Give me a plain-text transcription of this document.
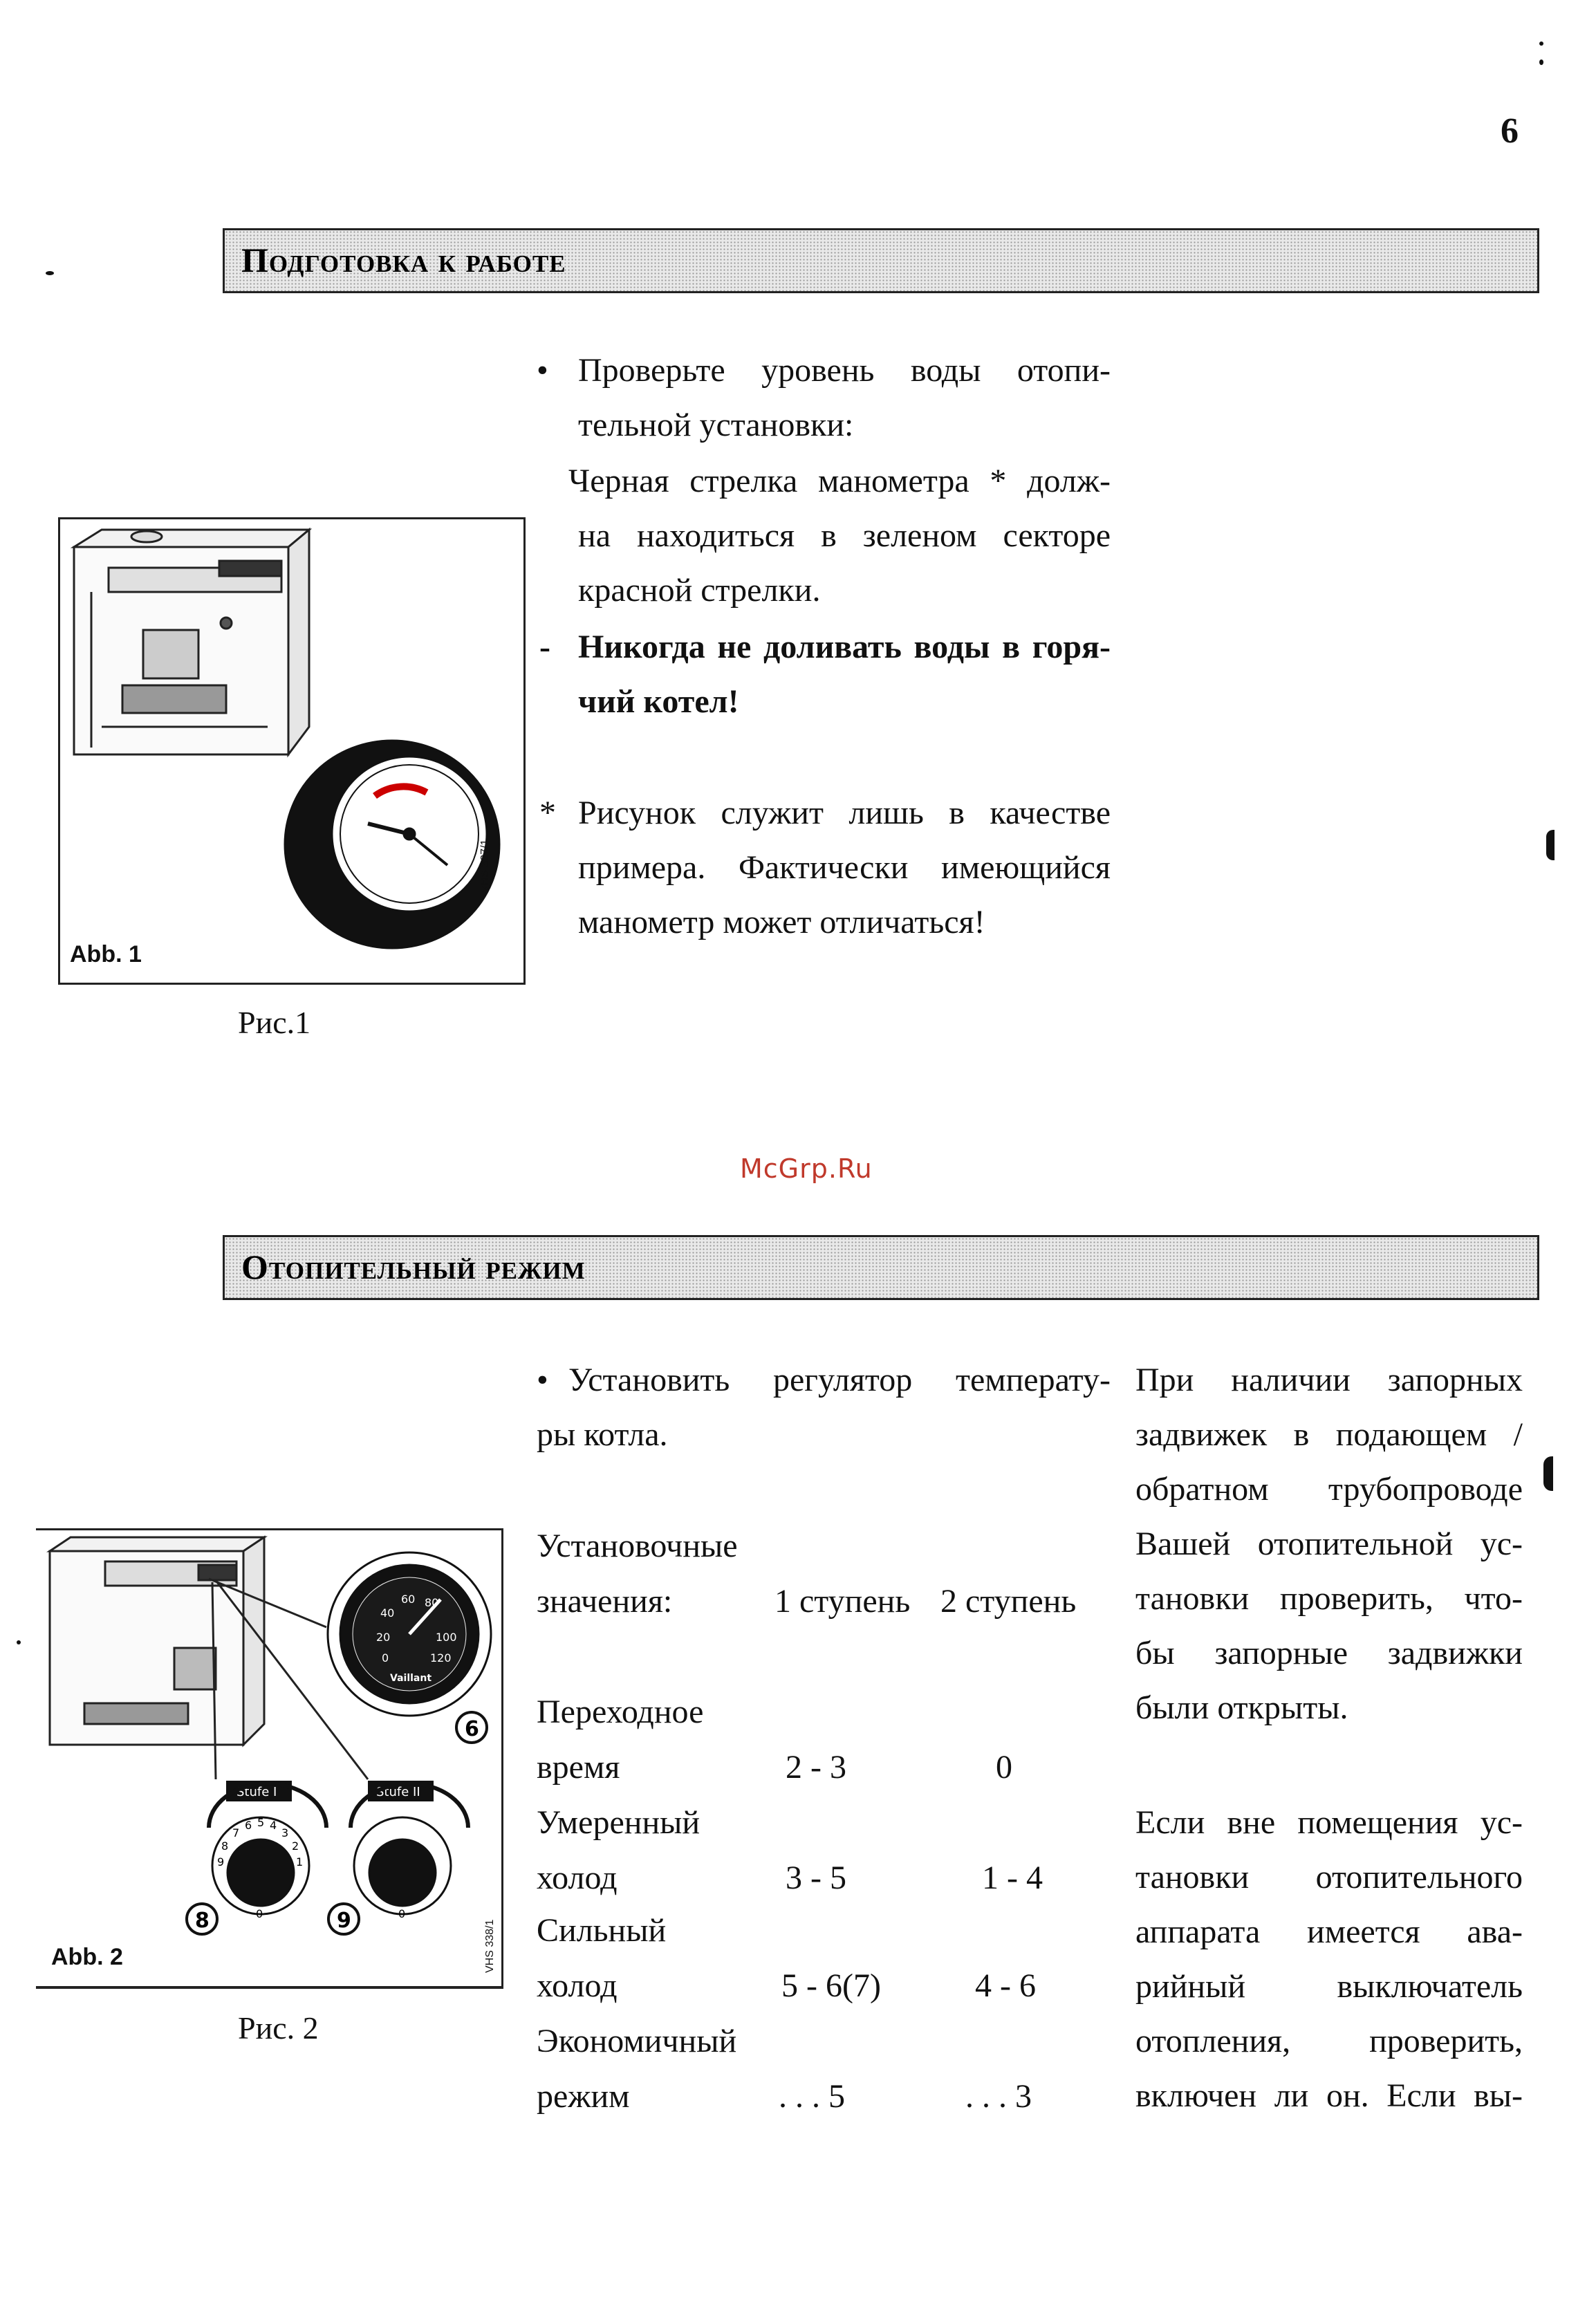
6
Подготовка к работе
Abb. 1
VHS 337/1
Рис.1
• Проверьте уровень воды отопи-
тельной установки:
Черная стрелка манометра * долж-
на находиться в зеленом секторе
красной стрелки.
- Никогда не доливать воды в горя-
чий котел!
* Рисунок служит лишь в качестве
примера. Фактически имеющийся
манометр может отличаться!
McGrp.Ru
Отопительный режим
40
60 80
20	100
0	120
Vaillant
6
Stufe I	Stufe II
9
8
7
6 5 4
3
2
1
0	0
8	9
Abb. 2	VHS 338/1
Рис. 2
• Установить регулятор температу-
ры котла.
Установочные
значения:	1 ступень 2 ступень
Переходное
время	2 - 3	0
Умеренный
холод	3 - 5	1 - 4
Сильный
холод	5 - 6(7)	4 - 6
Экономичный
режим	. . . 5	. . . 3
При наличии запорных
задвижек в подающем /
обратном трубопроводе
Вашей отопительной ус-
тановки проверить, что-
бы запорные задвижки
были открыты.
Если вне помещения ус-
тановки отопительного
аппарата имеется ава-
рийный выключатель
отопления, проверить,
включен ли он. Если вы-
